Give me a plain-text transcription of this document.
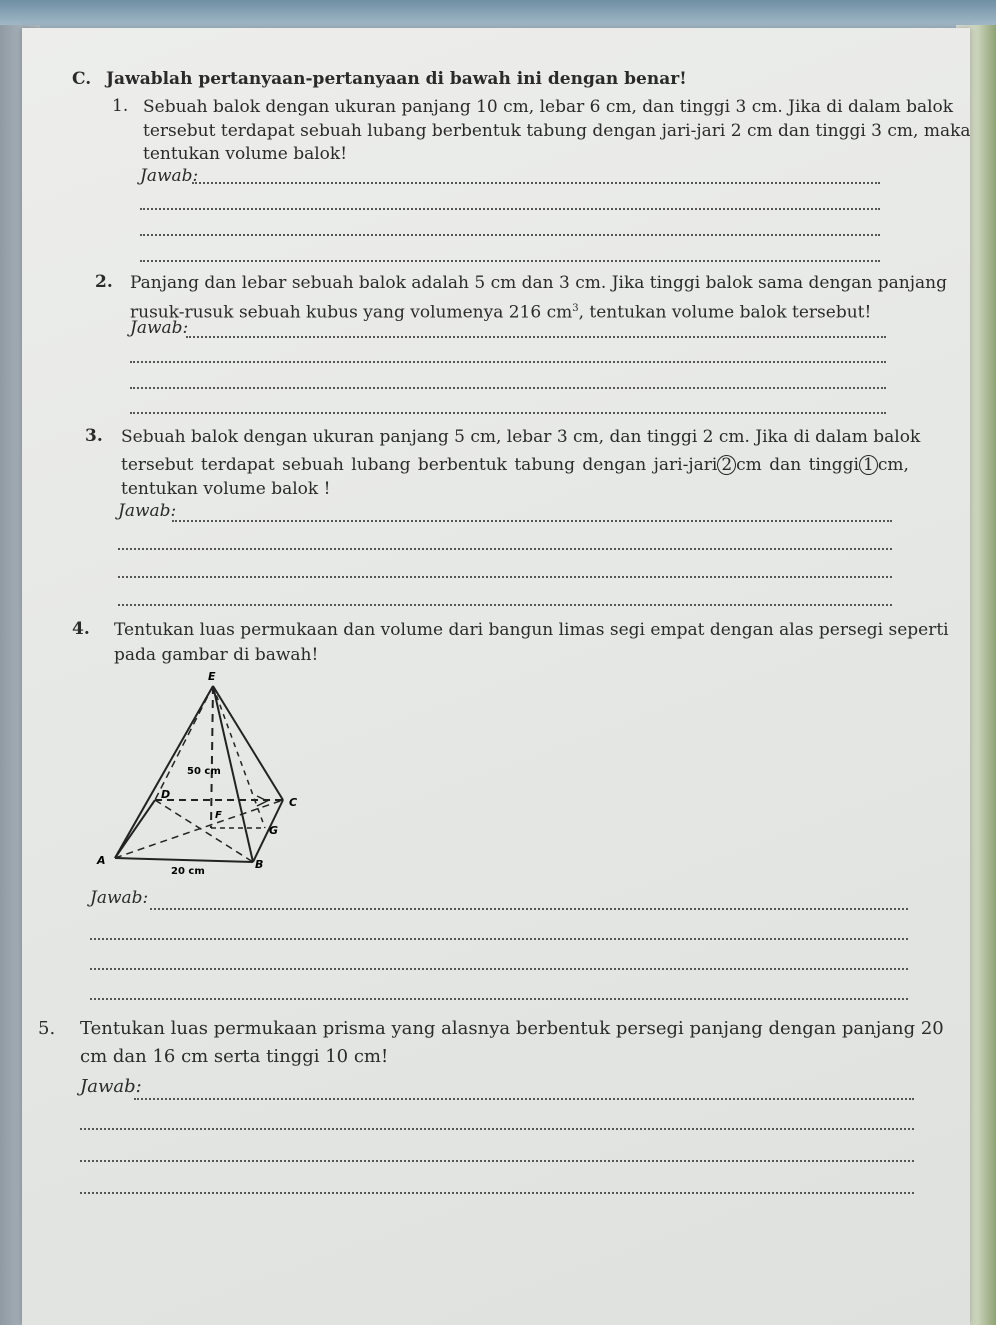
C. Jawablah pertanyaan-pertanyaan di bawah ini dengan benar!
1. Sebuah balok dengan ukuran panjang 10 cm, lebar 6 cm, dan tinggi 3 cm. Jika di dalam balok
tersebut terdapat sebuah lubang berbentuk tabung dengan jari-jari 2 cm dan tinggi 3 cm, maka
tentukan volume balok!
Jawab:
2. Panjang dan lebar sebuah balok adalah 5 cm dan 3 cm. Jika tinggi balok sama dengan panjang
rusuk-rusuk sebuah kubus yang volumenya 216 $cm^3$, tentukan volume balok tersebut!
Jawab:
3. Sebuah balok dengan ukuran panjang 5 cm, lebar 3 cm, dan tinggi 2 cm. Jika di dalam balok
tersebut terdapat sebuah lubang berbentuk tabung dengan jari-jari 2 cm dan tinggi 1 cm,
tentukan volume balok !
Jawab:
4. Tentukan luas permukaan dan volume dari bangun limas segi empat dengan alas persegi seperti
pada gambar di bawah!
E
A	B
C
D
F
G
50 cm
20 cm
Jawab:
5. Tentukan luas permukaan prisma yang alasnya berbentuk persegi panjang dengan panjang 20
cm dan 16 cm serta tinggi 10 cm!
Jawab:
